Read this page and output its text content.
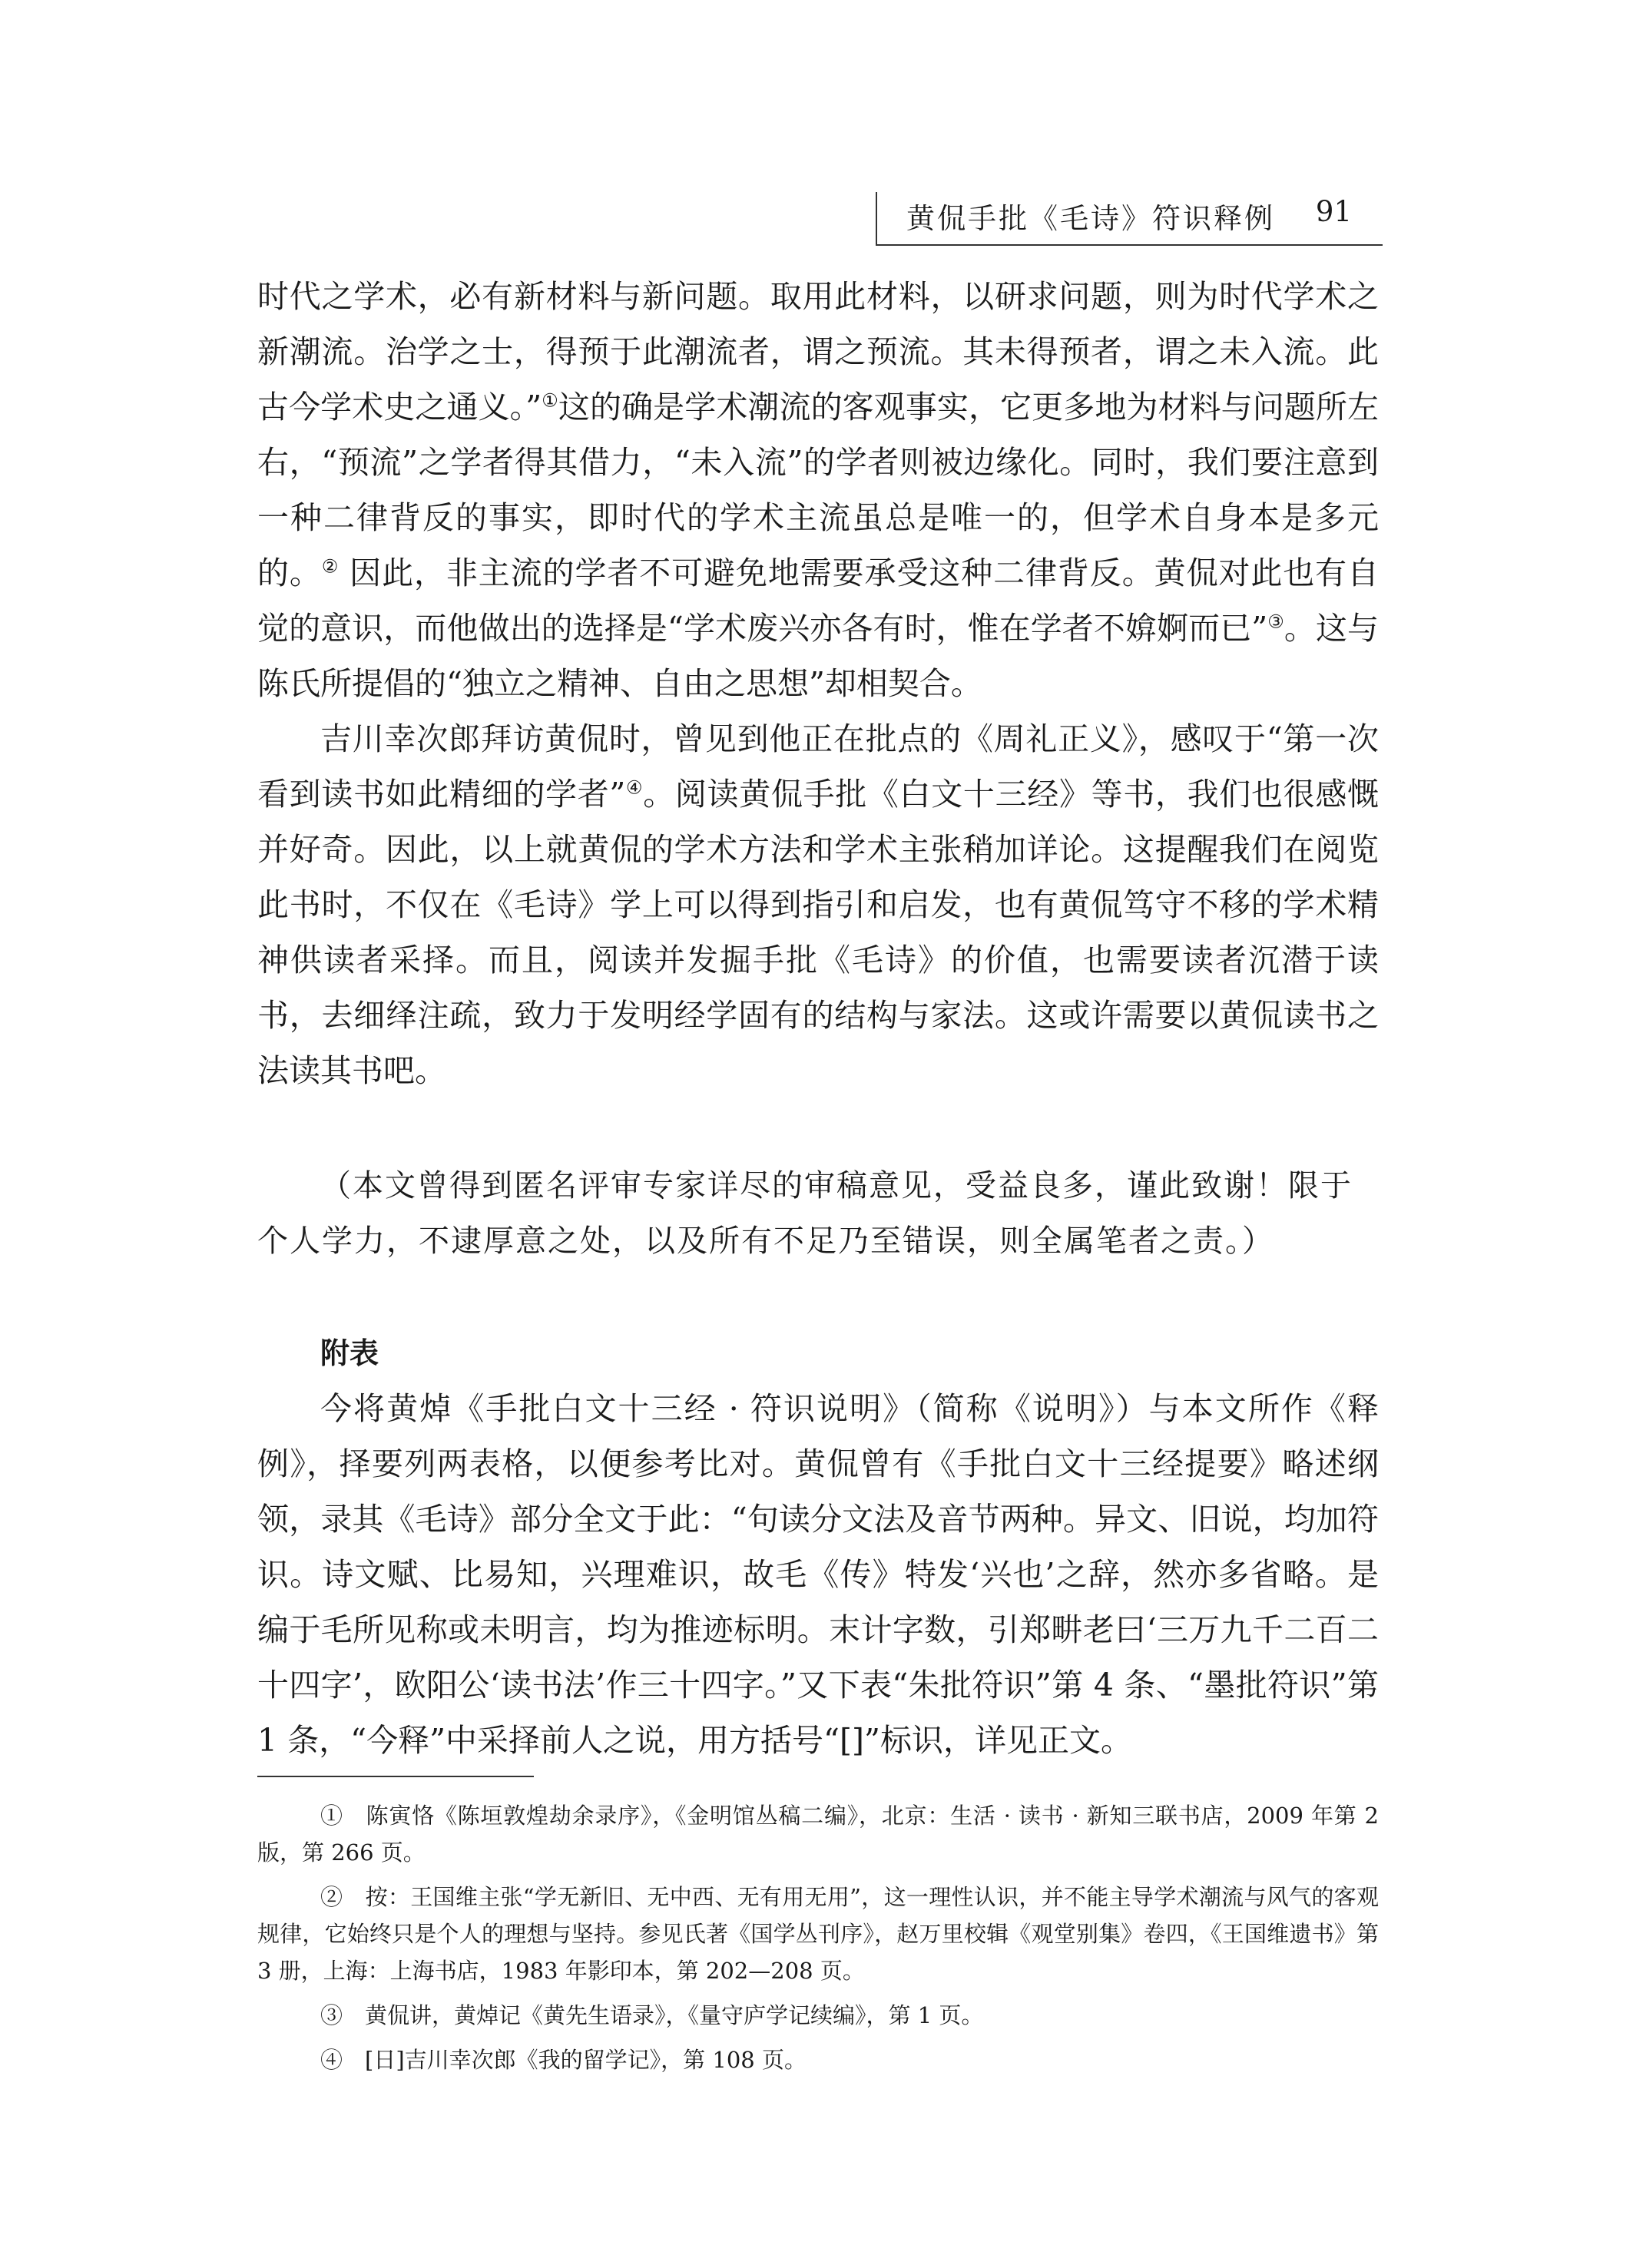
黄侃手批《毛诗》符识释例 91

时代之学术，必有新材料与新问题。取用此材料，以研求问题，则为时代学术之新潮流。治学之士，得预于此潮流者，谓之预流。其未得预者，谓之未入流。此古今学术史之通义。”①这的确是学术潮流的客观事实，它更多地为材料与问题所左右，“预流”之学者得其借力，“未入流”的学者则被边缘化。同时，我们要注意到一种二律背反的事实，即时代的学术主流虽总是唯一的，但学术自身本是多元的。② 因此，非主流的学者不可避免地需要承受这种二律背反。黄侃对此也有自觉的意识，而他做出的选择是“学术废兴亦各有时，惟在学者不媕婀而已”③。这与陈氏所提倡的“独立之精神、自由之思想”却相契合。

吉川幸次郎拜访黄侃时，曾见到他正在批点的《周礼正义》，感叹于“第一次看到读书如此精细的学者”④。阅读黄侃手批《白文十三经》等书，我们也很感慨并好奇。因此，以上就黄侃的学术方法和学术主张稍加详论。这提醒我们在阅览此书时，不仅在《毛诗》学上可以得到指引和启发，也有黄侃笃守不移的学术精神供读者采择。而且，阅读并发掘手批《毛诗》的价值，也需要读者沉潜于读书，去细绎注疏，致力于发明经学固有的结构与家法。这或许需要以黄侃读书之法读其书吧。

（本文曾得到匿名评审专家详尽的审稿意见，受益良多，谨此致谢！限于个人学力，不逮厚意之处，以及所有不足乃至错误，则全属笔者之责。）

附表

今将黄焯《手批白文十三经 · 符识说明》（简称《说明》）与本文所作《释例》，择要列两表格，以便参考比对。黄侃曾有《手批白文十三经提要》略述纲领，录其《毛诗》部分全文于此：“句读分文法及音节两种。异文、旧说，均加符识。诗文赋、比易知，兴理难识，故毛《传》特发‘兴也’之辞，然亦多省略。是编于毛所见称或未明言，均为推迹标明。末计字数，引郑畊老曰‘三万九千二百二十四字’，欧阳公‘读书法’作三十四字。”又下表“朱批符识”第 4 条、“墨批符识”第 1 条，“今释”中采择前人之说，用方括号“[]”标识，详见正文。

①　 陈寅恪《陈垣敦煌劫余录序》，《金明馆丛稿二编》，北京：生活 · 读书 · 新知三联书店，2009 年第 2 版，第 266 页。

②　 按：王国维主张“学无新旧、无中西、无有用无用”，这一理性认识，并不能主导学术潮流与风气的客观规律，它始终只是个人的理想与坚持。参见氏著《国学丛刊序》，赵万里校辑《观堂别集》卷四，《王国维遗书》第 3 册，上海：上海书店，1983 年影印本，第 202—208 页。

③　 黄侃讲，黄焯记《黄先生语录》，《量守庐学记续编》，第 1 页。

④　 [日]吉川幸次郎《我的留学记》，第 108 页。
